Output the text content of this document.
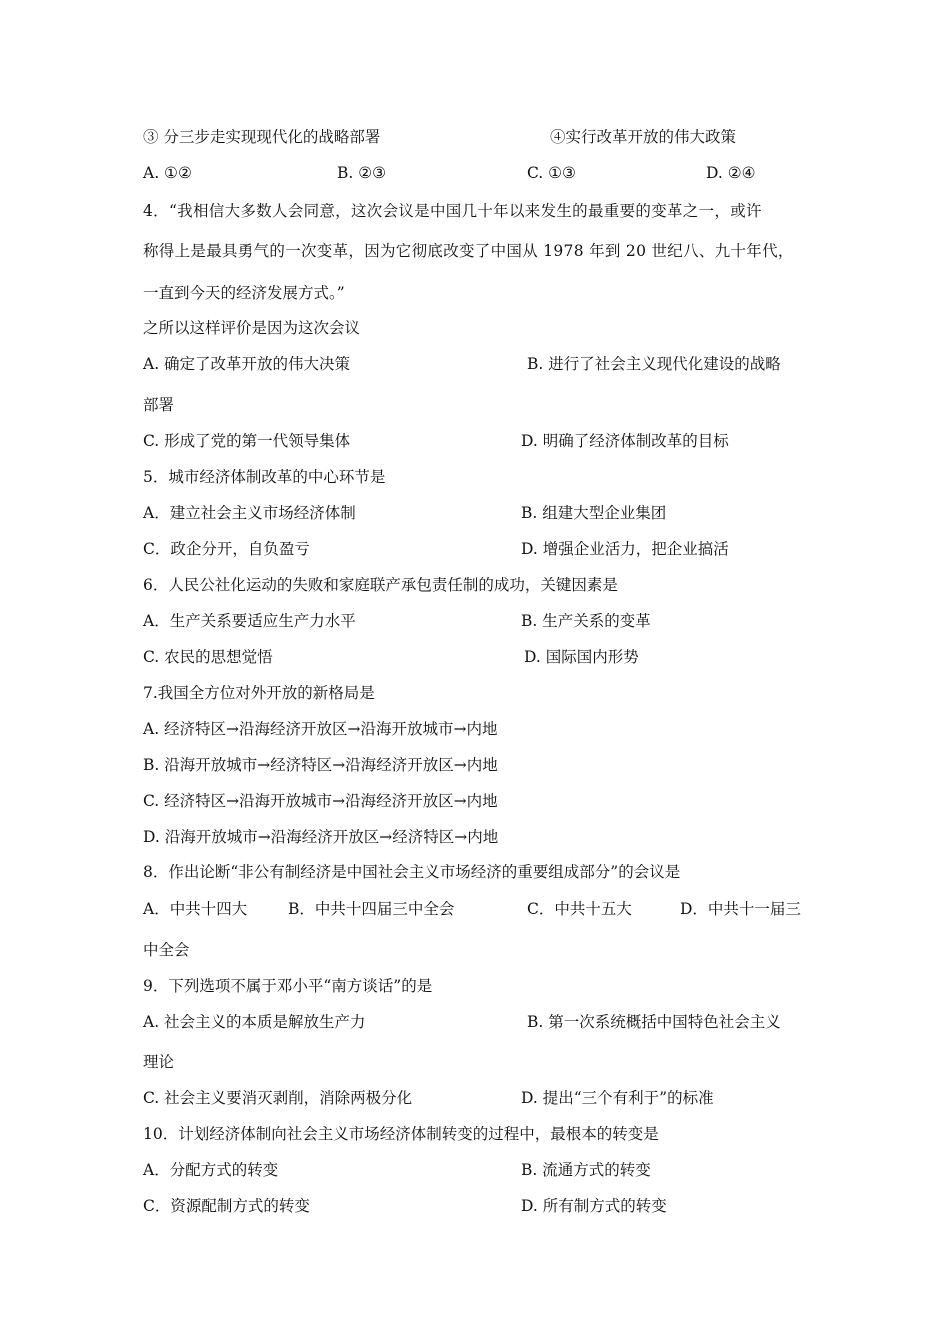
③ 分三步走实现现代化的战略部署	④实行改革开放的伟大政策
A. ①②	B. ②③	C. ①③	D. ②④
4．“我相信大多数人会同意，这次会议是中国几十年以来发生的最重要的变革之一，或许
称得上是最具勇气的一次变革，因为它彻底改变了中国从 1978 年到 20 世纪八、九十年代，
一直到今天的经济发展方式。”
之所以这样评价是因为这次会议
A. 确定了改革开放的伟大决策	B. 进行了社会主义现代化建设的战略
部署
C. 形成了党的第一代领导集体	D. 明确了经济体制改革的目标
5．城市经济体制改革的中心环节是
A．建立社会主义市场经济体制	B. 组建大型企业集团
C．政企分开，自负盈亏	D. 增强企业活力，把企业搞活
6．人民公社化运动的失败和家庭联产承包责任制的成功，关键因素是
A．生产关系要适应生产力水平	B. 生产关系的变革
C. 农民的思想觉悟	D. 国际国内形势
7.我国全方位对外开放的新格局是
A. 经济特区→沿海经济开放区→沿海开放城市→内地
B. 沿海开放城市→经济特区→沿海经济开放区→内地
C. 经济特区→沿海开放城市→沿海经济开放区→内地
D. 沿海开放城市→沿海经济开放区→经济特区→内地
8．作出论断“非公有制经济是中国社会主义市场经济的重要组成部分”的会议是
A．中共十四大	B．中共十四届三中全会	C．中共十五大	D．中共十一届三
中全会
9．下列选项不属于邓小平“南方谈话”的是
A. 社会主义的本质是解放生产力	B. 第一次系统概括中国特色社会主义
理论
C. 社会主义要消灭剥削，消除两极分化	D. 提出“三个有利于”的标准
10．计划经济体制向社会主义市场经济体制转变的过程中，最根本的转变是
A．分配方式的转变	B. 流通方式的转变
C．资源配制方式的转变	D. 所有制方式的转变
